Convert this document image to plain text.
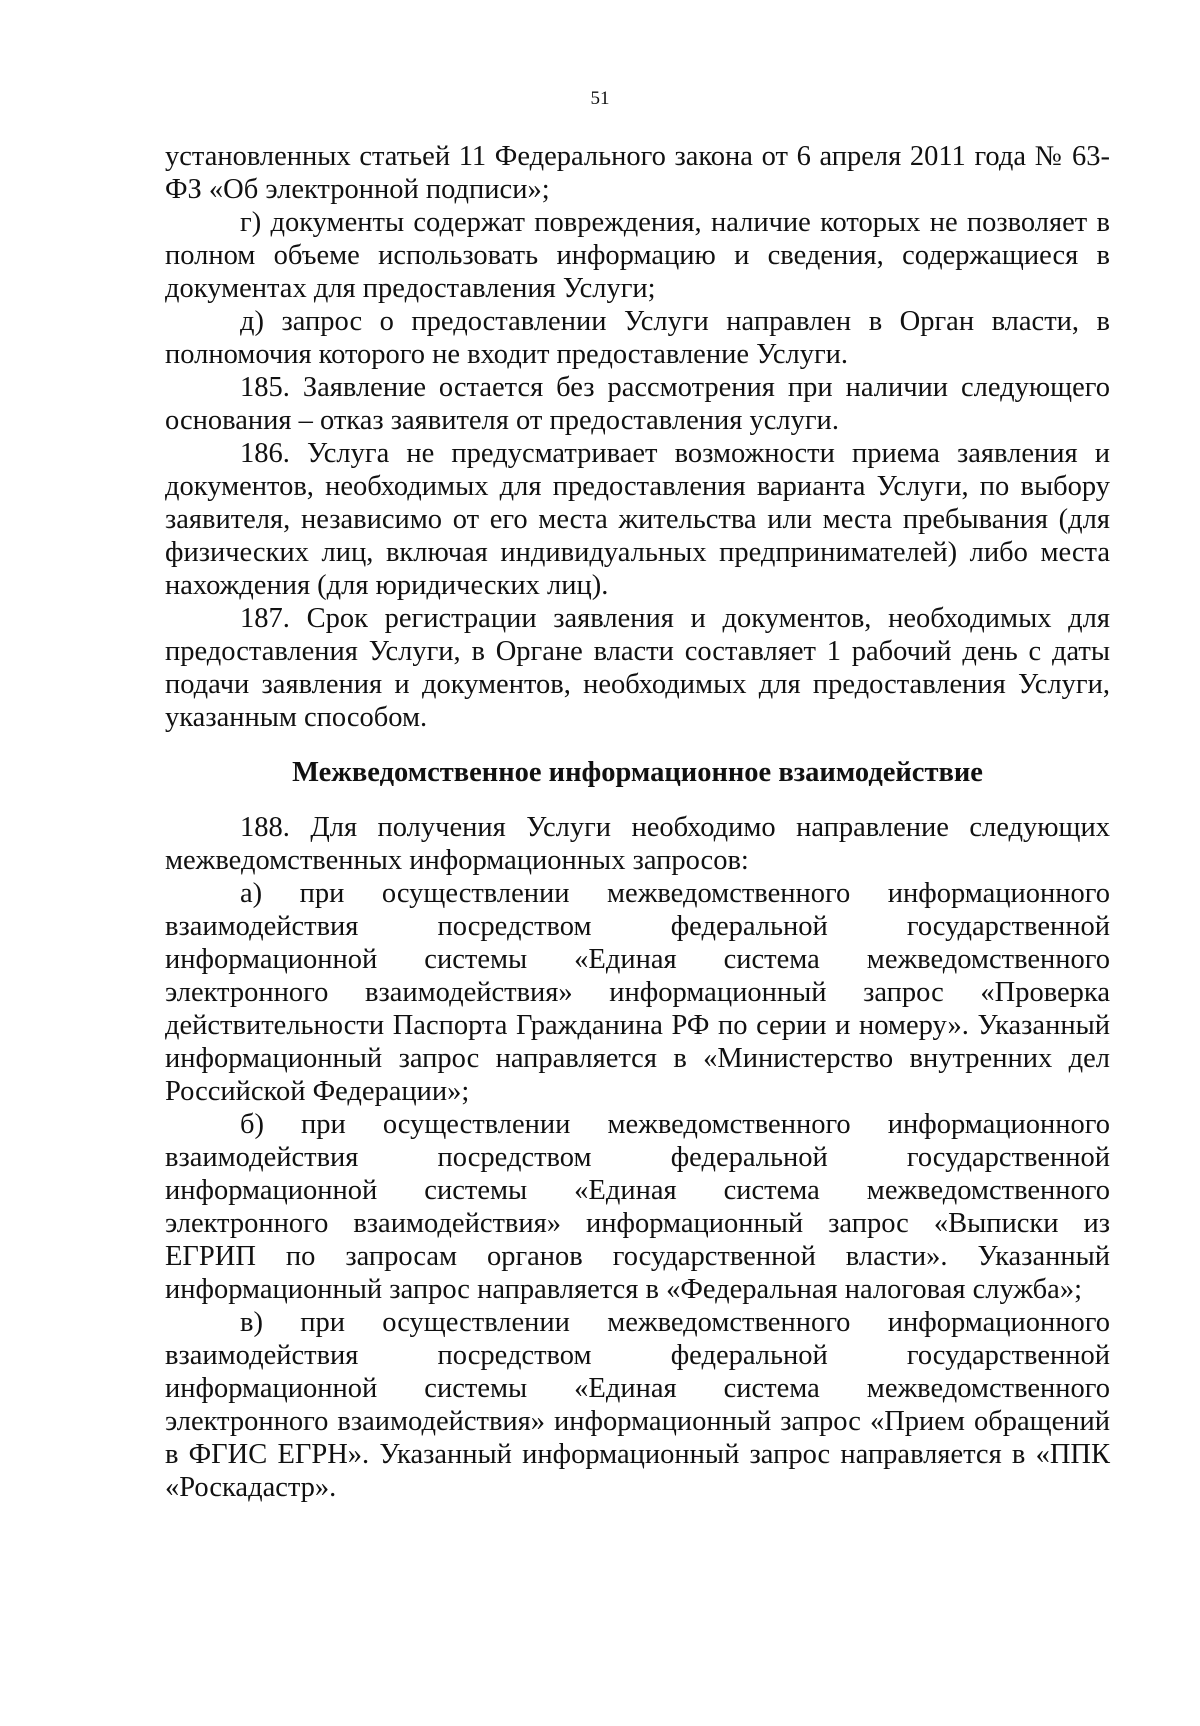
51

установленных статьей 11 Федерального закона от 6 апреля 2011 года № 63-ФЗ «Об электронной подписи»;

г) документы содержат повреждения, наличие которых не позволяет в полном объеме использовать информацию и сведения, содержащиеся в документах для предоставления Услуги;

д) запрос о предоставлении Услуги направлен в Орган власти, в полномочия которого не входит предоставление Услуги.

185. Заявление остается без рассмотрения при наличии следующего основания – отказ заявителя от предоставления услуги.

186. Услуга не предусматривает возможности приема заявления и документов, необходимых для предоставления варианта Услуги, по выбору заявителя, независимо от его места жительства или места пребывания (для физических лиц, включая индивидуальных предпринимателей) либо места нахождения (для юридических лиц).

187. Срок регистрации заявления и документов, необходимых для предоставления Услуги, в Органе власти составляет 1 рабочий день с даты подачи заявления и документов, необходимых для предоставления Услуги, указанным способом.

Межведомственное информационное взаимодействие

188. Для получения Услуги необходимо направление следующих межведомственных информационных запросов:

а) при осуществлении межведомственного информационного взаимодействия посредством федеральной государственной информационной системы «Единая система межведомственного электронного взаимодействия» информационный запрос «Проверка действительности Паспорта Гражданина РФ по серии и номеру». Указанный информационный запрос направляется в «Министерство внутренних дел Российской Федерации»;

б) при осуществлении межведомственного информационного взаимодействия посредством федеральной государственной информационной системы «Единая система межведомственного электронного взаимодействия» информационный запрос «Выписки из ЕГРИП по запросам органов государственной власти». Указанный информационный запрос направляется в «Федеральная налоговая служба»;

в) при осуществлении межведомственного информационного взаимодействия посредством федеральной государственной информационной системы «Единая система межведомственного электронного взаимодействия» информационный запрос «Прием обращений в ФГИС ЕГРН». Указанный информационный запрос направляется в «ППК «Роскадастр».
